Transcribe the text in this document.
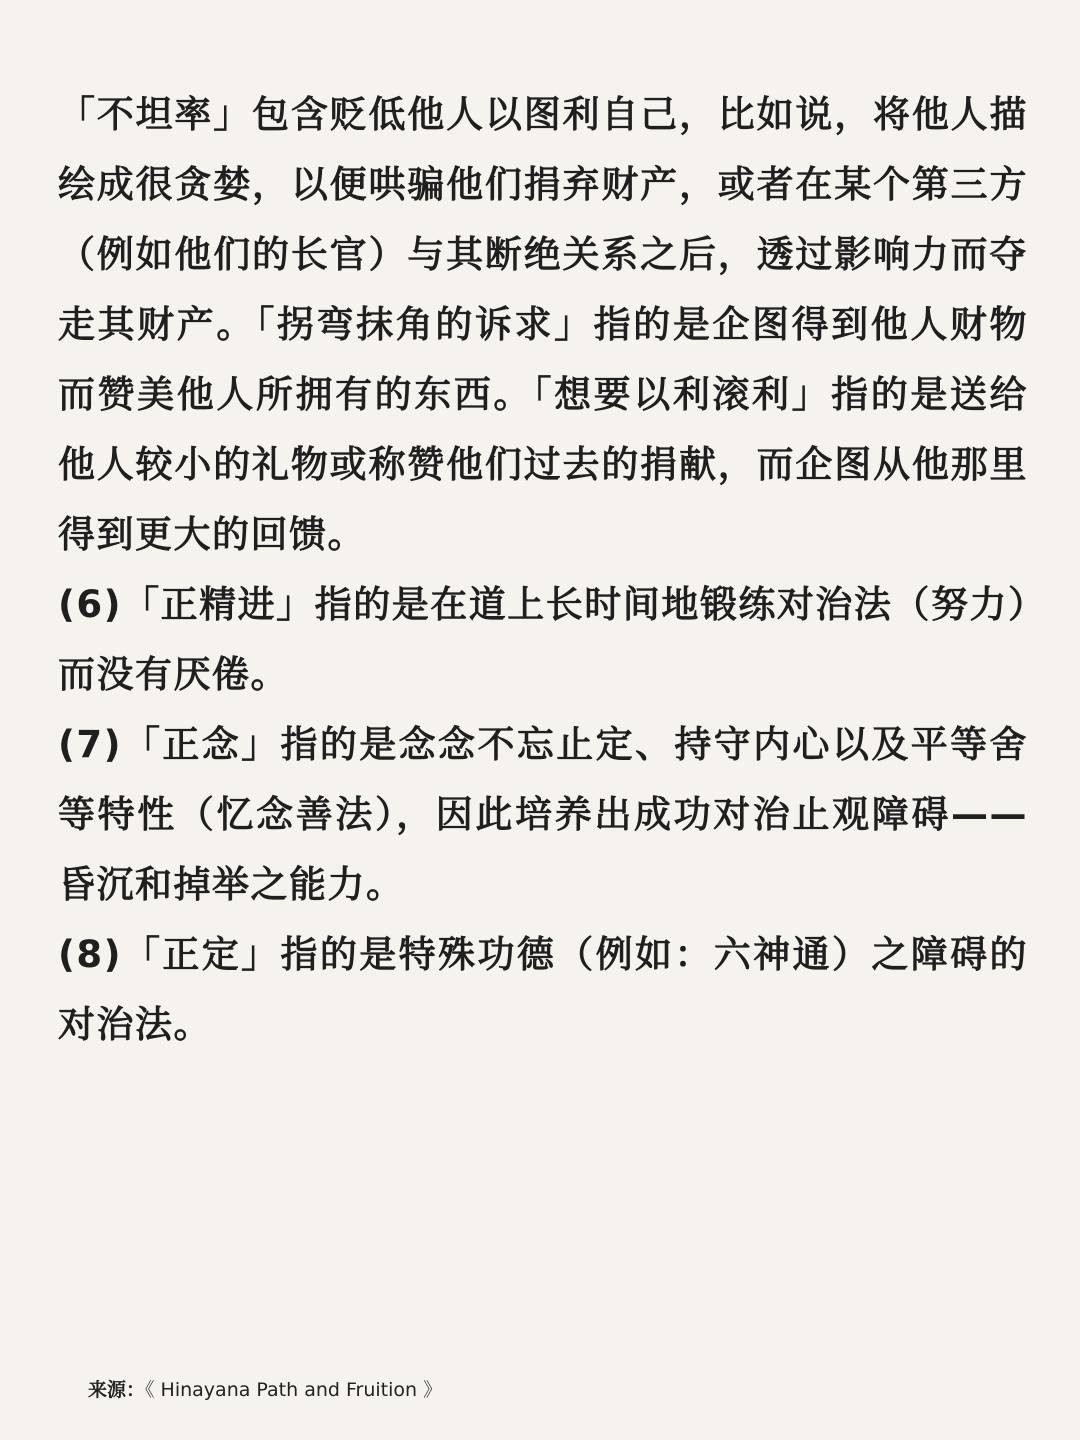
「不坦率」包含贬低他人以图利自己，比如说，将他人描绘成很贪婪，以便哄骗他们捐弃财产，或者在某个第三方（例如他们的长官）与其断绝关系之后，透过影响力而夺走其财产。「拐弯抹角的诉求」指的是企图得到他人财物而赞美他人所拥有的东西。「想要以利滚利」指的是送给他人较小的礼物或称赞他们过去的捐献，而企图从他那里得到更大的回馈。

(6)「正精进」指的是在道上长时间地锻练对治法（努力）而没有厌倦。

(7)「正念」指的是念念不忘止定、持守内心以及平等舍等特性（忆念善法），因此培养出成功对治止观障碍——昏沉和掉举之能力。

(8)「正定」指的是特殊功德（例如：六神通）之障碍的对治法。

来源：《 Hinayana Path and Fruition 》
